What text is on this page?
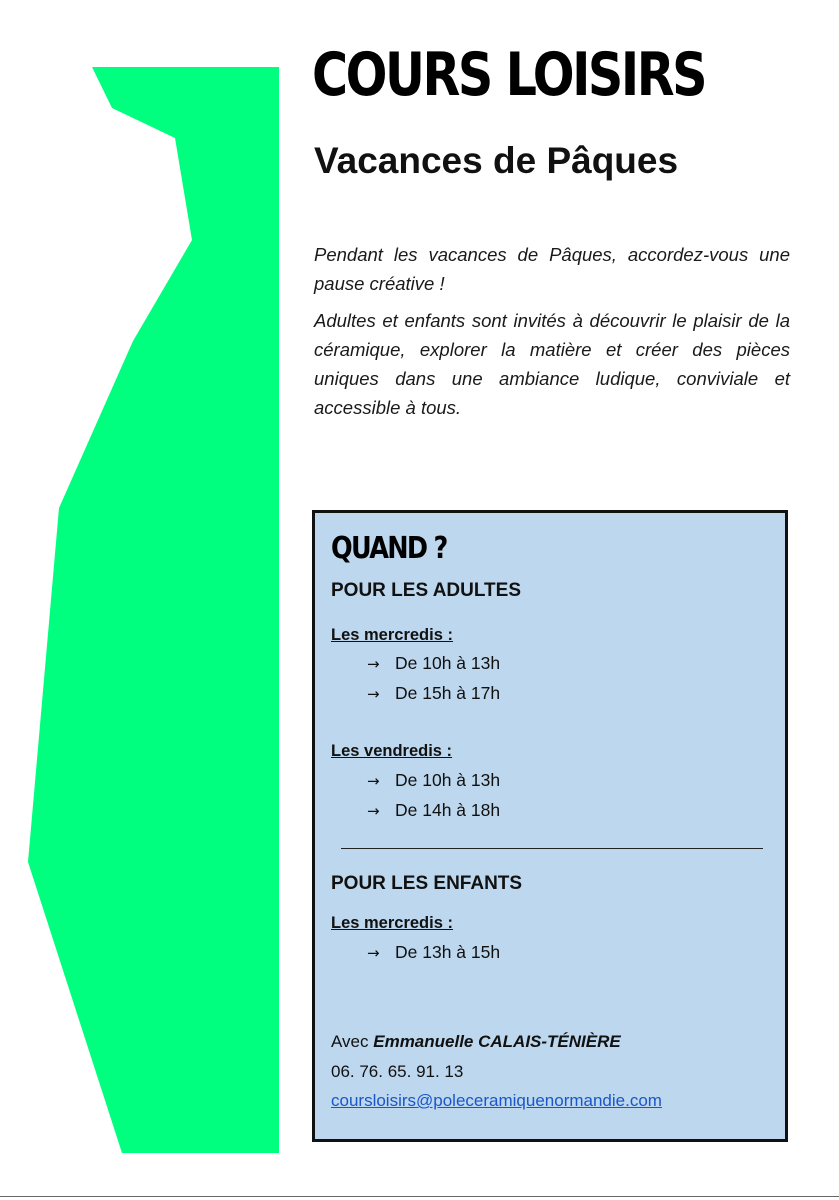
COURS LOISIRS
Vacances de Pâques

Pendant les vacances de Pâques, accordez-vous une pause créative !

Adultes et enfants sont invités à découvrir le plaisir de la céramique, explorer la matière et créer des pièces uniques dans une ambiance ludique, conviviale et accessible à tous.

QUAND ?
POUR LES ADULTES
Les mercredis :
→ De 10h à 13h
→ De 15h à 17h
Les vendredis :
→ De 10h à 13h
→ De 14h à 18h
POUR LES ENFANTS
Les mercredis :
→ De 13h à 15h
Avec Emmanuelle CALAIS-TÉNIÈRE
06. 76. 65. 91. 13
coursloisirs@poleceramiquenormandie.com
